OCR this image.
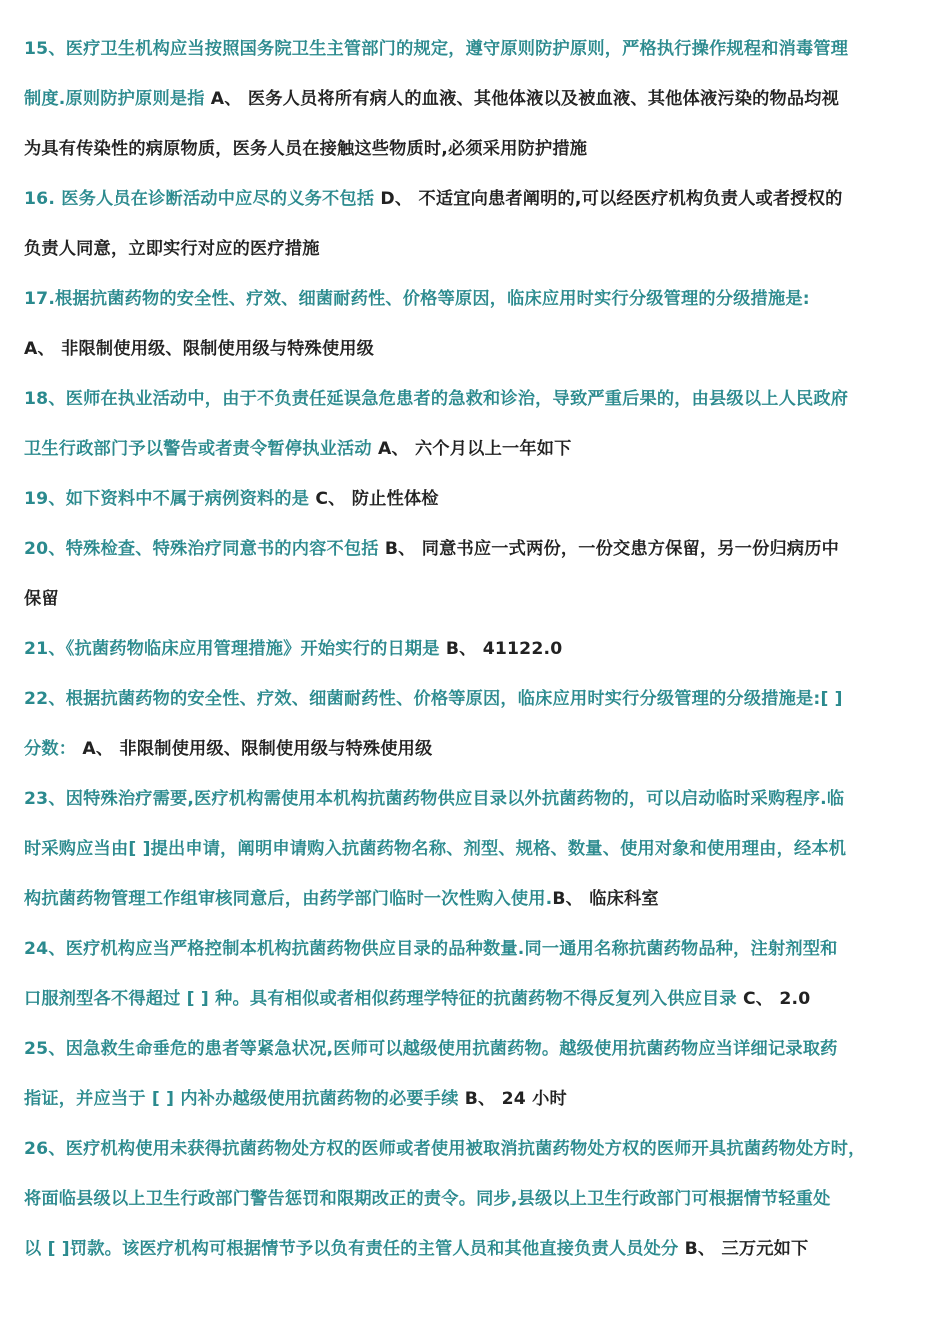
15、医疗卫生机构应当按照国务院卫生主管部门的规定，遵守原则防护原则，严格执行操作规程和消毒管理
制度.原则防护原则是指 A、 医务人员将所有病人的血液、其他体液以及被血液、其他体液污染的物品均视
为具有传染性的病原物质，医务人员在接触这些物质时,必须采用防护措施
16. 医务人员在诊断活动中应尽的义务不包括 D、 不适宜向患者阐明的,可以经医疗机构负责人或者授权的
负责人同意，立即实行对应的医疗措施
17.根据抗菌药物的安全性、疗效、细菌耐药性、价格等原因，临床应用时实行分级管理的分级措施是:
A、 非限制使用级、限制使用级与特殊使用级
18、医师在执业活动中，由于不负责任延误急危患者的急救和诊治，导致严重后果的，由县级以上人民政府
卫生行政部门予以警告或者责令暂停执业活动 A、 六个月以上一年如下
19、如下资料中不属于病例资料的是 C、 防止性体检
20、特殊检查、特殊治疗同意书的内容不包括 B、 同意书应一式两份，一份交患方保留，另一份归病历中
保留
21、《抗菌药物临床应用管理措施》开始实行的日期是 B、 41122.0
22、根据抗菌药物的安全性、疗效、细菌耐药性、价格等原因，临床应用时实行分级管理的分级措施是:[ ]
分数： A、 非限制使用级、限制使用级与特殊使用级
23、因特殊治疗需要,医疗机构需使用本机构抗菌药物供应目录以外抗菌药物的，可以启动临时采购程序.临
时采购应当由[ ]提出申请，阐明申请购入抗菌药物名称、剂型、规格、数量、使用对象和使用理由，经本机
构抗菌药物管理工作组审核同意后，由药学部门临时一次性购入使用.B、 临床科室
24、医疗机构应当严格控制本机构抗菌药物供应目录的品种数量.同一通用名称抗菌药物品种，注射剂型和
口服剂型各不得超过 [ ] 种。具有相似或者相似药理学特征的抗菌药物不得反复列入供应目录 C、 2.0
25、因急救生命垂危的患者等紧急状况,医师可以越级使用抗菌药物。越级使用抗菌药物应当详细记录取药
指证，并应当于 [ ] 内补办越级使用抗菌药物的必要手续 B、 24 小时
26、医疗机构使用未获得抗菌药物处方权的医师或者使用被取消抗菌药物处方权的医师开具抗菌药物处方时，
将面临县级以上卫生行政部门警告惩罚和限期改正的责令。同步,县级以上卫生行政部门可根据情节轻重处
以 [ ]罚款。该医疗机构可根据情节予以负有责任的主管人员和其他直接负责人员处分 B、 三万元如下
